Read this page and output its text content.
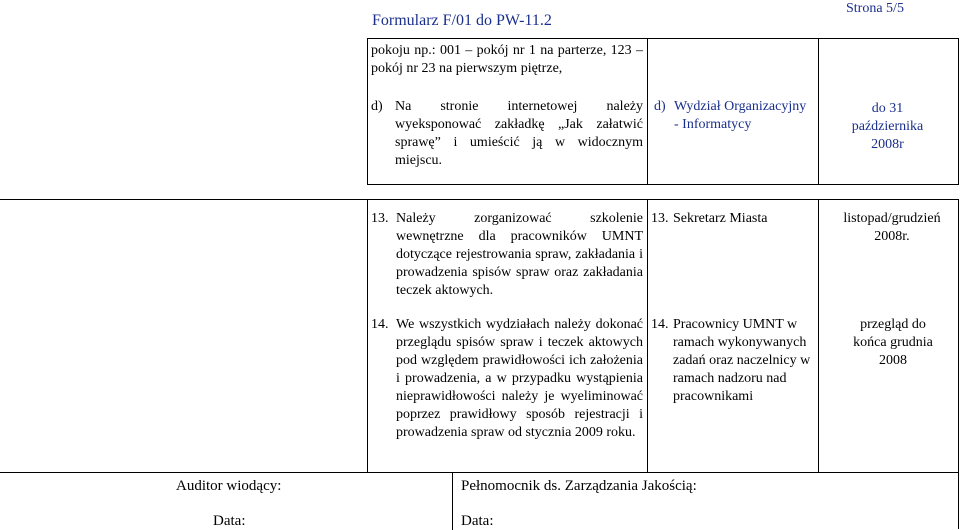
Formularz F/01 do PW-11.2
Strona 5/5
pokoju np.: 001 – pokój nr 1 na parterze, 123 – pokój nr 23 na pierwszym piętrze,
d) Na stronie internetowej należy wyeksponować zakładkę „Jak załatwić sprawę” i umieścić ją w widocznym miejscu.
d) Wydział Organizacyjny - Informatycy
do 31 października 2008r
13. Należy zorganizować szkolenie wewnętrzne dla pracowników UMNT dotyczące rejestrowania spraw, zakładania i prowadzenia spisów spraw oraz zakładania teczek aktowych.
13. Sekretarz Miasta	listopad/grudzień 2008r.
14. We wszystkich wydziałach należy dokonać przeglądu spisów spraw i teczek aktowych pod względem prawidłowości ich założenia i prowadzenia, a w przypadku wystąpienia nieprawidłowości należy je wyeliminować poprzez prawidłowy sposób rejestracji i prowadzenia spraw od stycznia 2009 roku.
14. Pracownicy UMNT w ramach wykonywanych zadań oraz naczelnicy w ramach nadzoru nad pracownikami
przegląd do końca grudnia 2008
Auditor wiodący:
Data:
Pełnomocnik ds. Zarządzania Jakością:
Data:
